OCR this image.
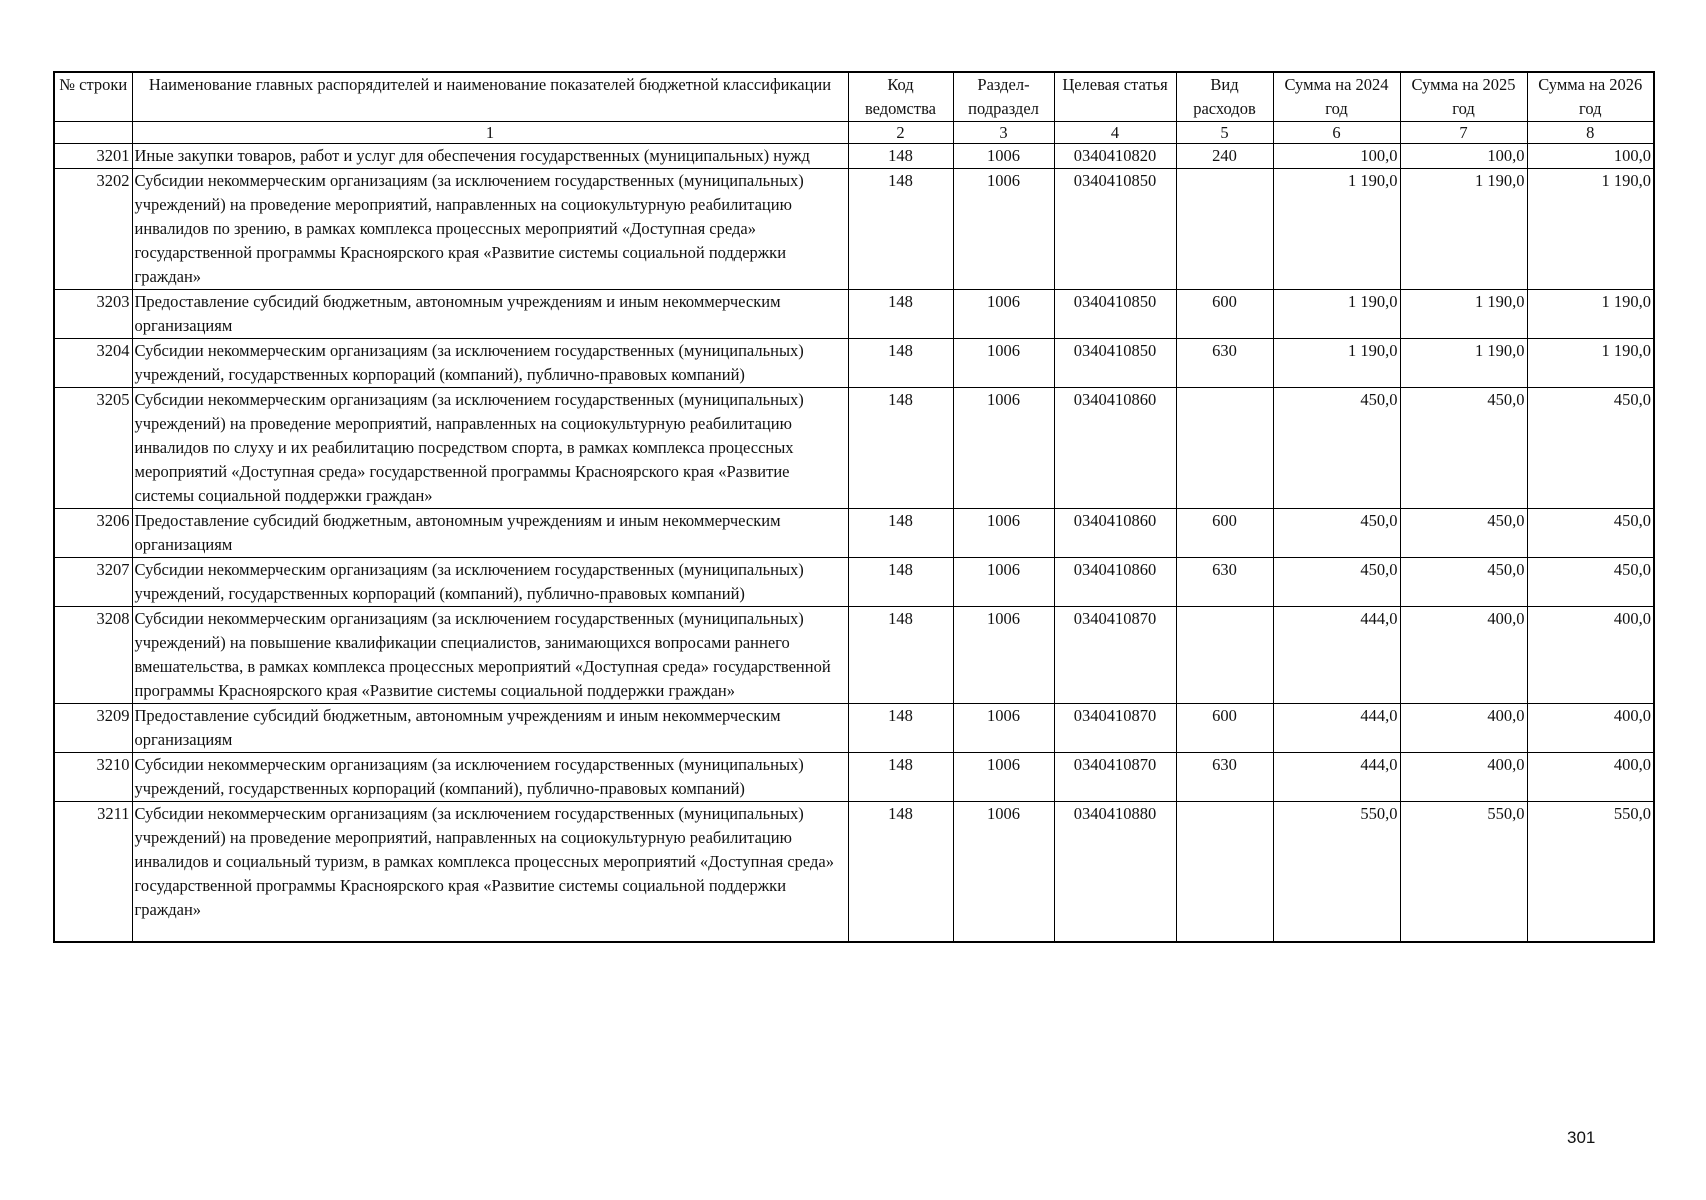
№ строки	Наименование главных распорядителей и наименование показателей бюджетной классификации	Код ведомства	Раздел-подраздел	Целевая статья	Вид расходов	Сумма на 2024 год	Сумма на 2025 год	Сумма на 2026 год
	1	2	3	4	5	6	7	8
3201	Иные закупки товаров, работ и услуг для обеспечения государственных (муниципальных) нужд	148	1006	0340410820	240	100,0	100,0	100,0
3202	Субсидии некоммерческим организациям (за исключением государственных (муниципальных) учреждений) на проведение мероприятий, направленных на социокультурную реабилитацию инвалидов по зрению, в рамках комплекса процессных мероприятий «Доступная среда» государственной программы Красноярского края «Развитие системы социальной поддержки граждан»	148	1006	0340410850		1 190,0	1 190,0	1 190,0
3203	Предоставление субсидий бюджетным, автономным учреждениям и иным некоммерческим организациям	148	1006	0340410850	600	1 190,0	1 190,0	1 190,0
3204	Субсидии некоммерческим организациям (за исключением государственных (муниципальных) учреждений, государственных корпораций (компаний), публично-правовых компаний)	148	1006	0340410850	630	1 190,0	1 190,0	1 190,0
3205	Субсидии некоммерческим организациям (за исключением государственных (муниципальных) учреждений) на проведение мероприятий, направленных на социокультурную реабилитацию инвалидов по слуху и их реабилитацию посредством спорта, в рамках комплекса процессных мероприятий «Доступная среда» государственной программы Красноярского края «Развитие системы социальной поддержки граждан»	148	1006	0340410860		450,0	450,0	450,0
3206	Предоставление субсидий бюджетным, автономным учреждениям и иным некоммерческим организациям	148	1006	0340410860	600	450,0	450,0	450,0
3207	Субсидии некоммерческим организациям (за исключением государственных (муниципальных) учреждений, государственных корпораций (компаний), публично-правовых компаний)	148	1006	0340410860	630	450,0	450,0	450,0
3208	Субсидии некоммерческим организациям (за исключением государственных (муниципальных) учреждений) на повышение квалификации специалистов, занимающихся вопросами раннего вмешательства, в рамках комплекса процессных мероприятий «Доступная среда» государственной программы Красноярского края «Развитие системы социальной поддержки граждан»	148	1006	0340410870		444,0	400,0	400,0
3209	Предоставление субсидий бюджетным, автономным учреждениям и иным некоммерческим организациям	148	1006	0340410870	600	444,0	400,0	400,0
3210	Субсидии некоммерческим организациям (за исключением государственных (муниципальных) учреждений, государственных корпораций (компаний), публично-правовых компаний)	148	1006	0340410870	630	444,0	400,0	400,0
3211	Субсидии некоммерческим организациям (за исключением государственных (муниципальных) учреждений) на проведение мероприятий, направленных на социокультурную реабилитацию инвалидов и социальный туризм, в рамках комплекса процессных мероприятий «Доступная среда» государственной программы Красноярского края «Развитие системы социальной поддержки граждан»	148	1006	0340410880		550,0	550,0	550,0
301
